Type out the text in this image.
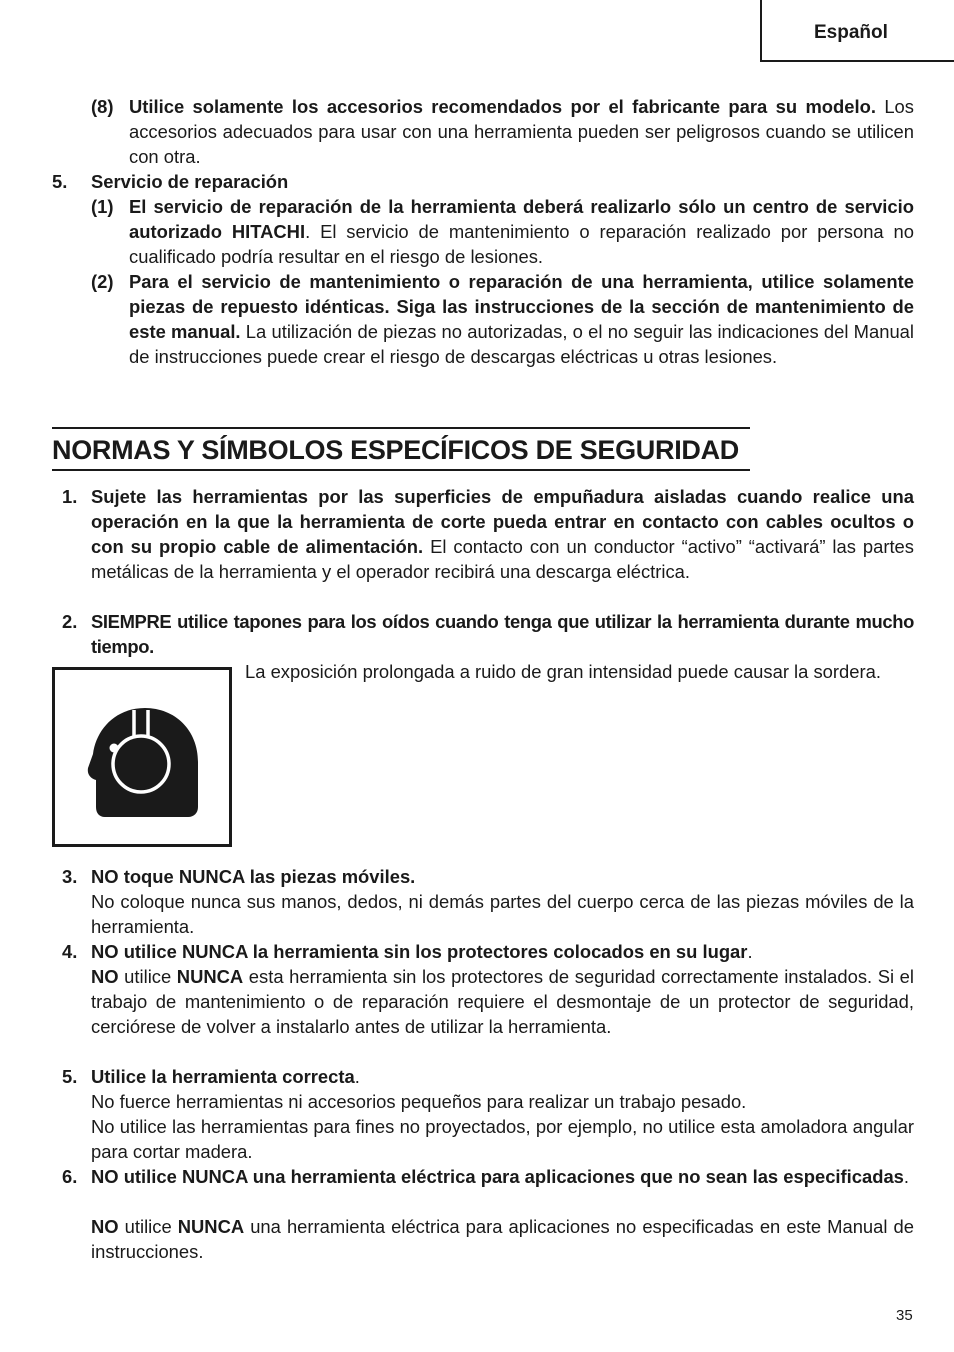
Español
(8) Utilice solamente los accesorios recomendados por el fabricante para su modelo. Los accesorios adecuados para usar con una herramienta pueden ser peligrosos cuando se utilicen con otra.
5. Servicio de reparación
(1) El servicio de reparación de la herramienta deberá realizarlo sólo un centro de servicio autorizado HITACHI. El servicio de mantenimiento o reparación realizado por persona no cualificado podría resultar en el riesgo de lesiones.
(2) Para el servicio de mantenimiento o reparación de una herramienta, utilice solamente piezas de repuesto idénticas. Siga las instrucciones de la sección de mantenimiento de este manual. La utilización de piezas no autorizadas, o el no seguir las indicaciones del Manual de instrucciones puede crear el riesgo de descargas eléctricas u otras lesiones.
NORMAS Y SÍMBOLOS ESPECÍFICOS DE SEGURIDAD
1. Sujete las herramientas por las superficies de empuñadura aisladas cuando realice una operación en la que la herramienta de corte pueda entrar en contacto con cables ocultos o con su propio cable de alimentación. El contacto con un conductor “activo” “activará” las partes metálicas de la herramienta y el operador recibirá una descarga eléctrica.
2. SIEMPRE utilice tapones para los oídos cuando tenga que utilizar la herramienta durante mucho tiempo.
La exposición prolongada a ruido de gran intensidad puede causar la sordera.
3. NO toque NUNCA las piezas móviles.
No coloque nunca sus manos, dedos, ni demás partes del cuerpo cerca de las piezas móviles de la herramienta.
4. NO utilice NUNCA la herramienta sin los protectores colocados en su lugar.
NO utilice NUNCA esta herramienta sin los protectores de seguridad correctamente instalados. Si el trabajo de mantenimiento o de reparación requiere el desmontaje de un protector de seguridad, cerciórese de volver a instalarlo antes de utilizar la herramienta.
5. Utilice la herramienta correcta.
No fuerce herramientas ni accesorios pequeños para realizar un trabajo pesado.
No utilice las herramientas para fines no proyectados, por ejemplo, no utilice esta amoladora angular para cortar madera.
6. NO utilice NUNCA una herramienta eléctrica para aplicaciones que no sean las especificadas.
NO utilice NUNCA una herramienta eléctrica para aplicaciones no especificadas en este Manual de instrucciones.
35
